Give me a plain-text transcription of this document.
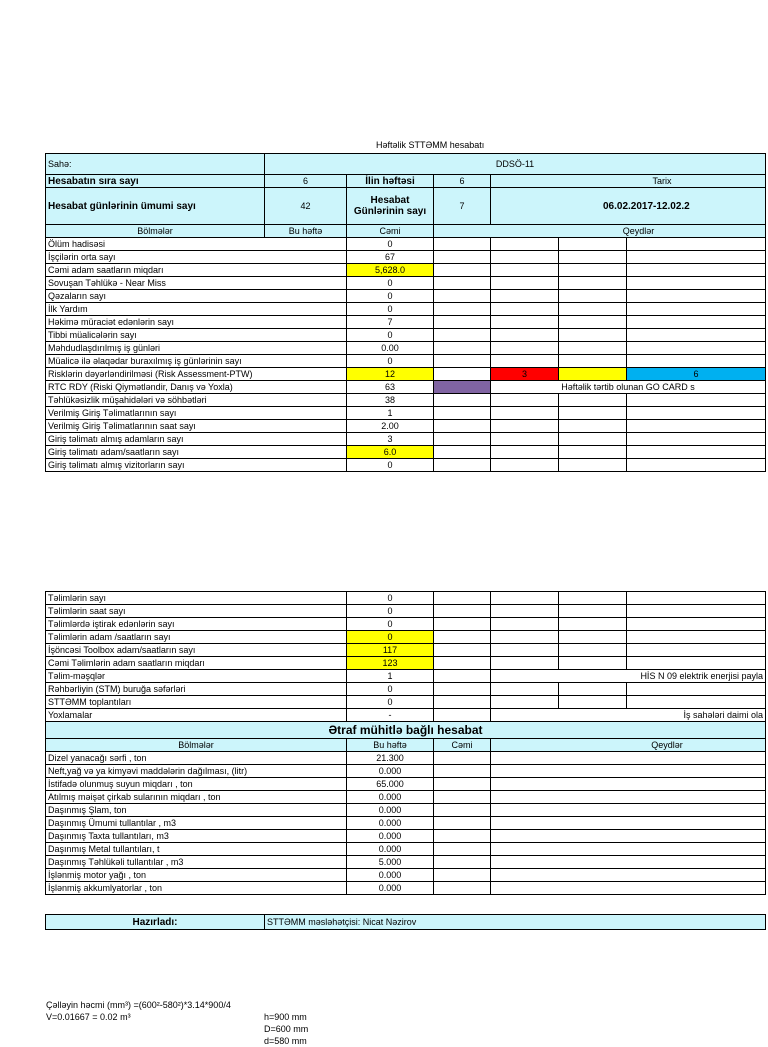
Həftəlik STTƏMM hesabatı
Sahə:	DDSÖ-11						
Hesabatın sıra sayı	6	İlin həftəsi	6	Tarix			
Hesabat günlərinin ümumi sayı	42	Hesabat Günlərinin sayı	7	06.02.2017-12.02.2			
Bölmələr	Bu həftə	Cəmi	Qeydlər				
Ölüm hadisəsi		0					
İşçilərin orta sayı		67					
Cəmi adam saatların miqdarı		5,628.0					
Sovuşan Təhlükə - Near Miss		0					
Qəzaların sayı		0					
İlk Yardım		0					
Həkimə müraciət edənlərin sayı		7					
Tibbi müalicələrin sayı		0					
Məhdudlaşdırılmış iş günləri		0.00					
Müalicə ilə əlaqədar buraxılmış iş günlərinin sayı		0					
Risklərin dəyərləndirilməsi (Risk Assessment-PTW)		12		3		6	
RTC RDY (Riski Qiymətləndir, Danış və Yoxla)		63		Həftəlik tərtib olunan GO CARD s			
Təhlükəsizlik müşahidələri və söhbətləri		38					
Verilmiş Giriş Təlimatlarının sayı		1					
Verilmiş Giriş Təlimatlarının saat sayı		2.00					
Giriş təlimatı almış adamların sayı		3					
Giriş təlimatı adam/saatların sayı		6.0					
Giriş təlimatı almış vizitorların sayı		0					
Təlimlərin sayı	0				
Təlimlərin saat sayı	0				
Təlimlərdə iştirak edənlərin sayı	0				
Təlimlərin adam /saatların sayı	0				
İşöncəsi Toolbox adam/saatların sayı	117				
Cəmi Təlimlərin adam saatların miqdarı	123				
Təlim-məşqlər	1		HİS N 09 elektrik enerjisi payla		
Rəhbərliyin (STM) buruğa səfərləri	0				
STTƏMM toplantıları	0				
Yoxlamalar	-		İş sahələri daimi ola		
Ətraf mühitlə bağlı hesabat					
Bölmələr	Bu həftə	Cəmi	Qeydlər		
Dizel yanacağı sərfi , ton	21.300				
Neft,yağ və ya kimyəvi maddələrin dağılması, (litr)	0.000				
İstifadə olunmuş suyun miqdarı , ton	65.000				
Atılmış məişət çirkab sularının miqdarı , ton	0.000				
Daşınmış Şlam, ton	0.000				
Daşınmış Ümumi tullantılar , m3	0.000				
Daşınmış Taxta tullantıları, m3	0.000				
Daşınmış Metal tullantıları, t	0.000				
Daşınmış Təhlükəli tullantılar , m3	5.000				
İşlənmiş motor yağı , ton	0.000				
İşlənmiş akkumlyatorlar , ton	0.000				
Hazırladı:	STTƏMM məsləhətçisi: Nicat Nəzirov
Çəlləyin həcmi (mm³) =(600²-580²)*3.14*900/4
V=0.01667 = 0.02 m³	h=900 mm
D=600 mm
d=580 mm
